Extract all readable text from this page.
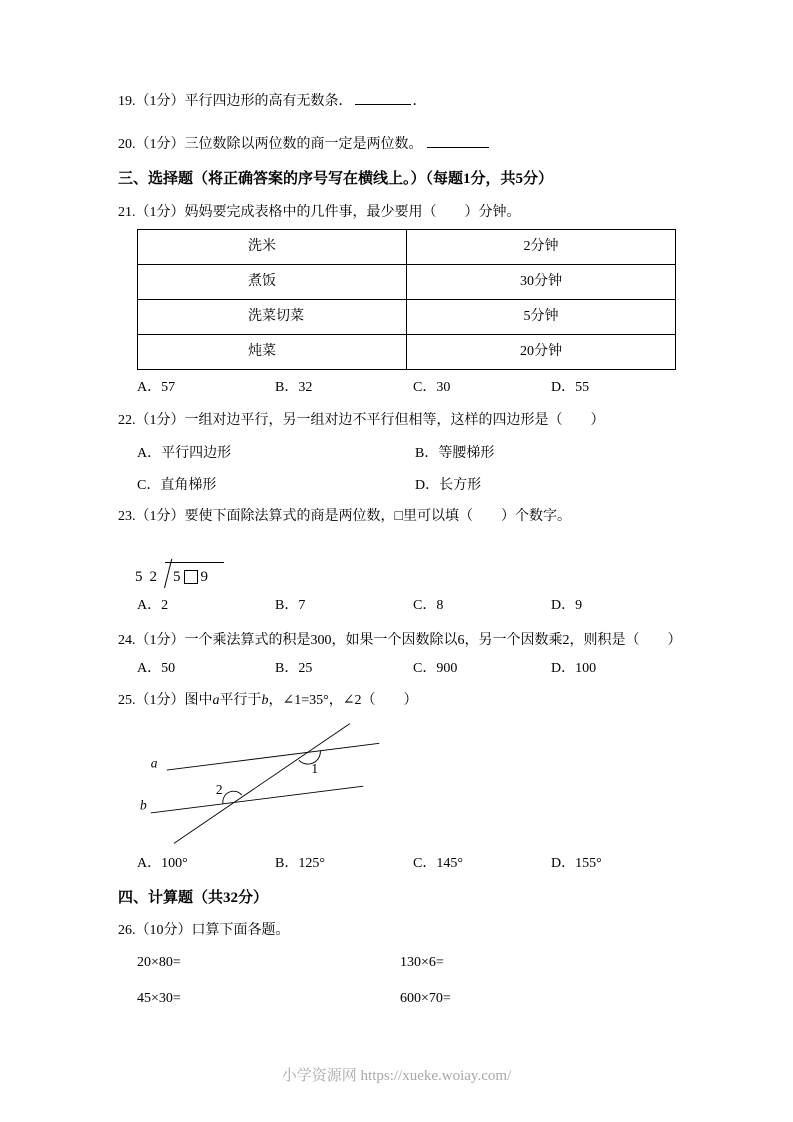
19.（1分）平行四边形的高有无数条．	．
20.（1分）三位数除以两位数的商一定是两位数。
三、选择题（将正确答案的序号写在横线上。）（每题1分，共5分）
21.（1分）妈妈要完成表格中的几件事，最少要用（　　）分钟。
洗米	2分钟
煮饭	30分钟
洗菜切菜	5分钟
炖菜	20分钟
A．57	B．32	C．30	D．55
22.（1分）一组对边平行，另一组对边不平行但相等，这样的四边形是（　　）
A．平行四边形	B．等腰梯形
C．直角梯形	D．长方形
23.（1分）要使下面除法算式的商是两位数，□里可以填（　　）个数字。
52 5 9
A．2	B．7	C．8	D．9
24.（1分）一个乘法算式的积是300，如果一个因数除以6，另一个因数乘2，则积是（　　）
A．50	B．25	C．900	D．100
25.（1分）图中a平行于b，∠1=35°，∠2（　　）
a
b
1
2
A．100°	B．125°	C．145°	D．155°
四、计算题（共32分）
26.（10分）口算下面各题。
20×80=	130×6=
45×30=	600×70=
小学资源网 https://xueke.woiay.com/
